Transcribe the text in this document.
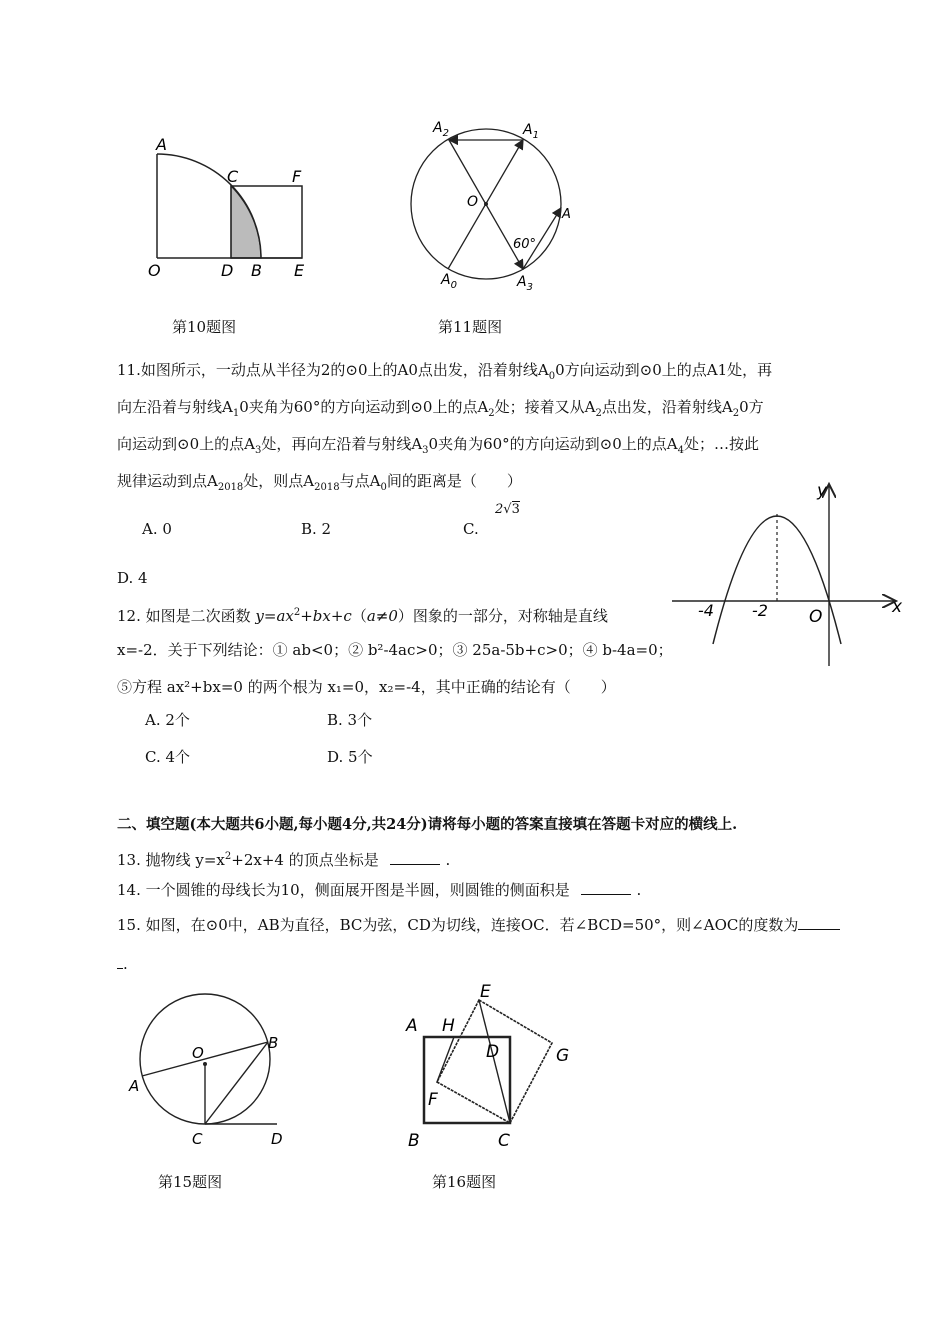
A
C	F
O	D B E
第10题图
$A_2$	$A_1$
O
A
60°
$A_0$	$A_3$
第11题图
11.如图所示，一动点从半径为2的⊙0上的A0点出发，沿着射线$A_00$方向运动到⊙0上的点A1处，再
向左沿着与射线$A_10$夹角为60°的方向运动到⊙0上的点$A_2$处；接着又从$A_2$点出发，沿着射线$A_20$方
向运动到⊙0上的点$A_3$处，再向左沿着与射线$A_30$夹角为60°的方向运动到⊙0上的点$A_4$处；…按此
规律运动到点$A_{2018}$处，则点$A_{2018}$与点$A_0$间的距离是（　　）
A. 0	B. 2	C.
2√3
D. 4
y
x
-4 -2 O
12. 如图是二次函数 $y=ax^2+bx+c(a\ne 0)$图象的一部分，对称轴是直线
x=-2．关于下列结论：① ab<0；② b²-4ac>0；③ 25a-5b+c>0；④ b-4a=0；
⑤方程 ax²+bx=0 的两个根为 x₁=0，x₂=-4，其中正确的结论有（　　）
A. 2个	B. 3个
C. 4个	D. 5个
二、填空题(本大题共6小题,每小题4分,共24分)请将每小题的答案直接填在答题卡对应的横线上.
13. 抛物线 $y=x^2+2x+4$ 的顶点坐标是	.
14. 一个圆锥的母线长为10，侧面展开图是半圆，则圆锥的侧面积是	.
15. 如图，在⊙0中，AB为直径，BC为弦，CD为切线，连接OC．若∠BCD=50°，则∠AOC的度数为
.
O
B
A
C	D
第15题图
E
A H
D	G
F
B	C
第16题图
